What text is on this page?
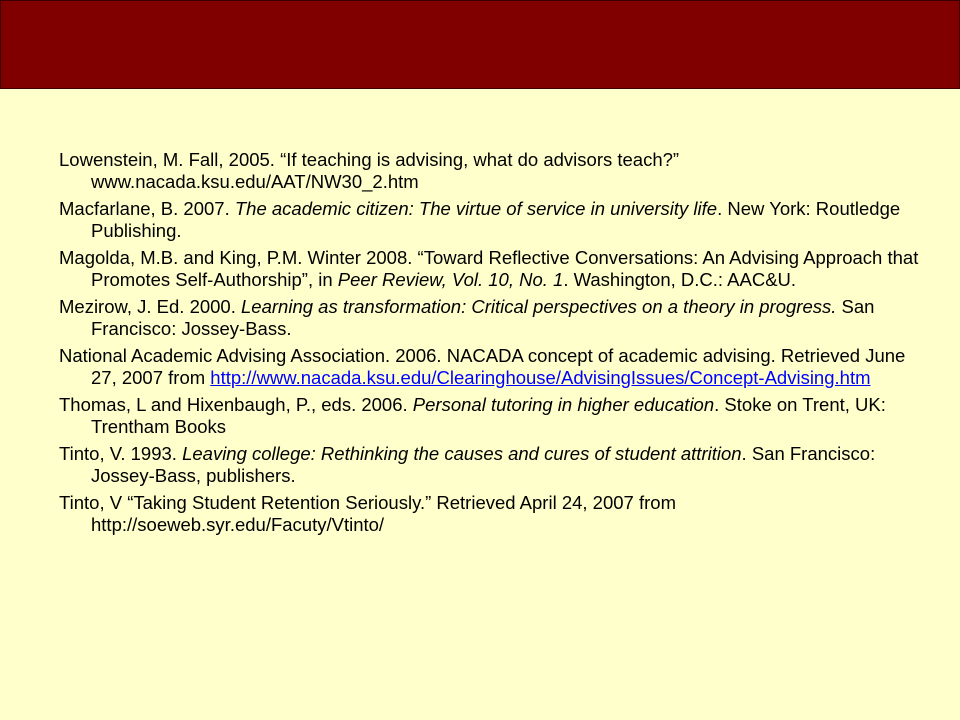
Lowenstein, M. Fall, 2005. “If teaching is advising, what do advisors teach?” www.nacada.ksu.edu/AAT/NW30_2.htm

Macfarlane, B. 2007. The academic citizen: The virtue of service in university life. New York: Routledge Publishing.

Magolda, M.B. and King, P.M. Winter 2008. “Toward Reflective Conversations: An Advising Approach that Promotes Self-Authorship”, in Peer Review, Vol. 10, No. 1. Washington, D.C.: AAC&U.

Mezirow, J. Ed. 2000. Learning as transformation: Critical perspectives on a theory in progress. San Francisco: Jossey-Bass.

National Academic Advising Association. 2006. NACADA concept of academic advising. Retrieved June 27, 2007 from http://www.nacada.ksu.edu/Clearinghouse/AdvisingIssues/Concept-Advising.htm

Thomas, L and Hixenbaugh, P., eds. 2006. Personal tutoring in higher education. Stoke on Trent, UK: Trentham Books

Tinto, V. 1993. Leaving college: Rethinking the causes and cures of student attrition. San Francisco: Jossey-Bass, publishers.

Tinto, V “Taking Student Retention Seriously.” Retrieved April 24, 2007 from http://soeweb.syr.edu/Facuty/Vtinto/
